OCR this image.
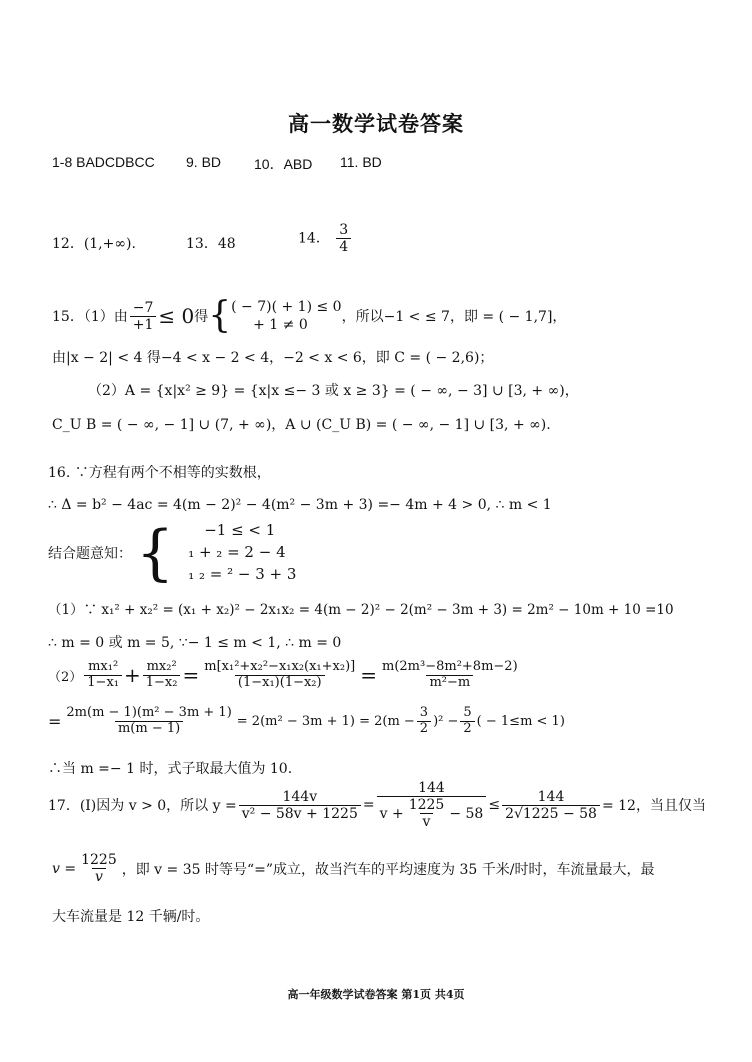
高一数学试卷答案
1-8 BADCDBCC 9. BD 10．ABD 11. BD
12．(1,+∞).	13．48	14． $\frac{3}{4}$
15．（1）由 $\frac{-7}{+1} \le 0$ 得 { ( − 7)( + 1) ≤ 0
+ 1 ≠ 0	，所以−1 < ≤ 7，即 = ( − 1,7]，
由|x − 2| < 4 得−4 < x − 2 < 4，−2 < x < 6，即 C = ( − 2,6)；
（2）A = {x|x² ≥ 9} = {x|x ≤− 3 或 x ≥ 3} = ( − ∞, − 3] ∪ [3, + ∞)，
C_U B = ( − ∞, − 1] ∪ (7, + ∞)，A ∪ (C_U B) = ( − ∞, − 1] ∪ [3, + ∞).
16. ∵方程有两个不相等的实数根，
∴ Δ = b² − 4ac = 4(m − 2)² − 4(m² − 3m + 3) =− 4m + 4 > 0, ∴ m < 1
结合题意知： {	−1 ≤ < 1
₁ + ₂ = 2 − 4
₁ ₂ = ² − 3 + 3
（1）∵ x₁² + x₂² = (x₁ + x₂)² − 2x₁x₂ = 4(m − 2)² − 2(m² − 3m + 3) = 2m² − 10m + 10 =10
∴ m = 0 或 m = 5, ∵− 1 ≤ m < 1, ∴ m = 0
$(2) \frac{\text{mx₁²}}{\text{1−x₁}} + \frac{\text{mx₂²}}{\text{1−x₂}} = \frac{\text{m[x₁²+x₂²−x₁x₂(x₁+x₂)]}}{\text{(1−x₁)(1−x₂)}} = \frac{\text{m(2m³−8m²+8m−2)}}{\text{m²−m}}$
= $\frac{\text{2m(m − 1)(m² − 3m + 1)}}{m(m - 1)} = 2(m^2 - 3m + 1) = 2(m - \frac{3}{2} )^2 - \frac{5}{2}$ ( − 1≤m < 1)
∴当 m =− 1 时，式子取最大值为 10.
17．(Ⅰ)因为 v > 0，所以 $y = \frac{144v}{\text{v² − 58v + 1225}} = \frac{144}{v + \frac{1225}{v} - 58} \le \frac{144}{2√1225 - 58} = 12$，当且仅当
$v = \frac{1225}{v}$ ，即 v = 35 时等号“=”成立，故当汽车的平均速度为 35 千米/时时，车流量最大，最
大车流量是 12 千辆/时。
高一年级数学试卷答案 第1页 共4页
